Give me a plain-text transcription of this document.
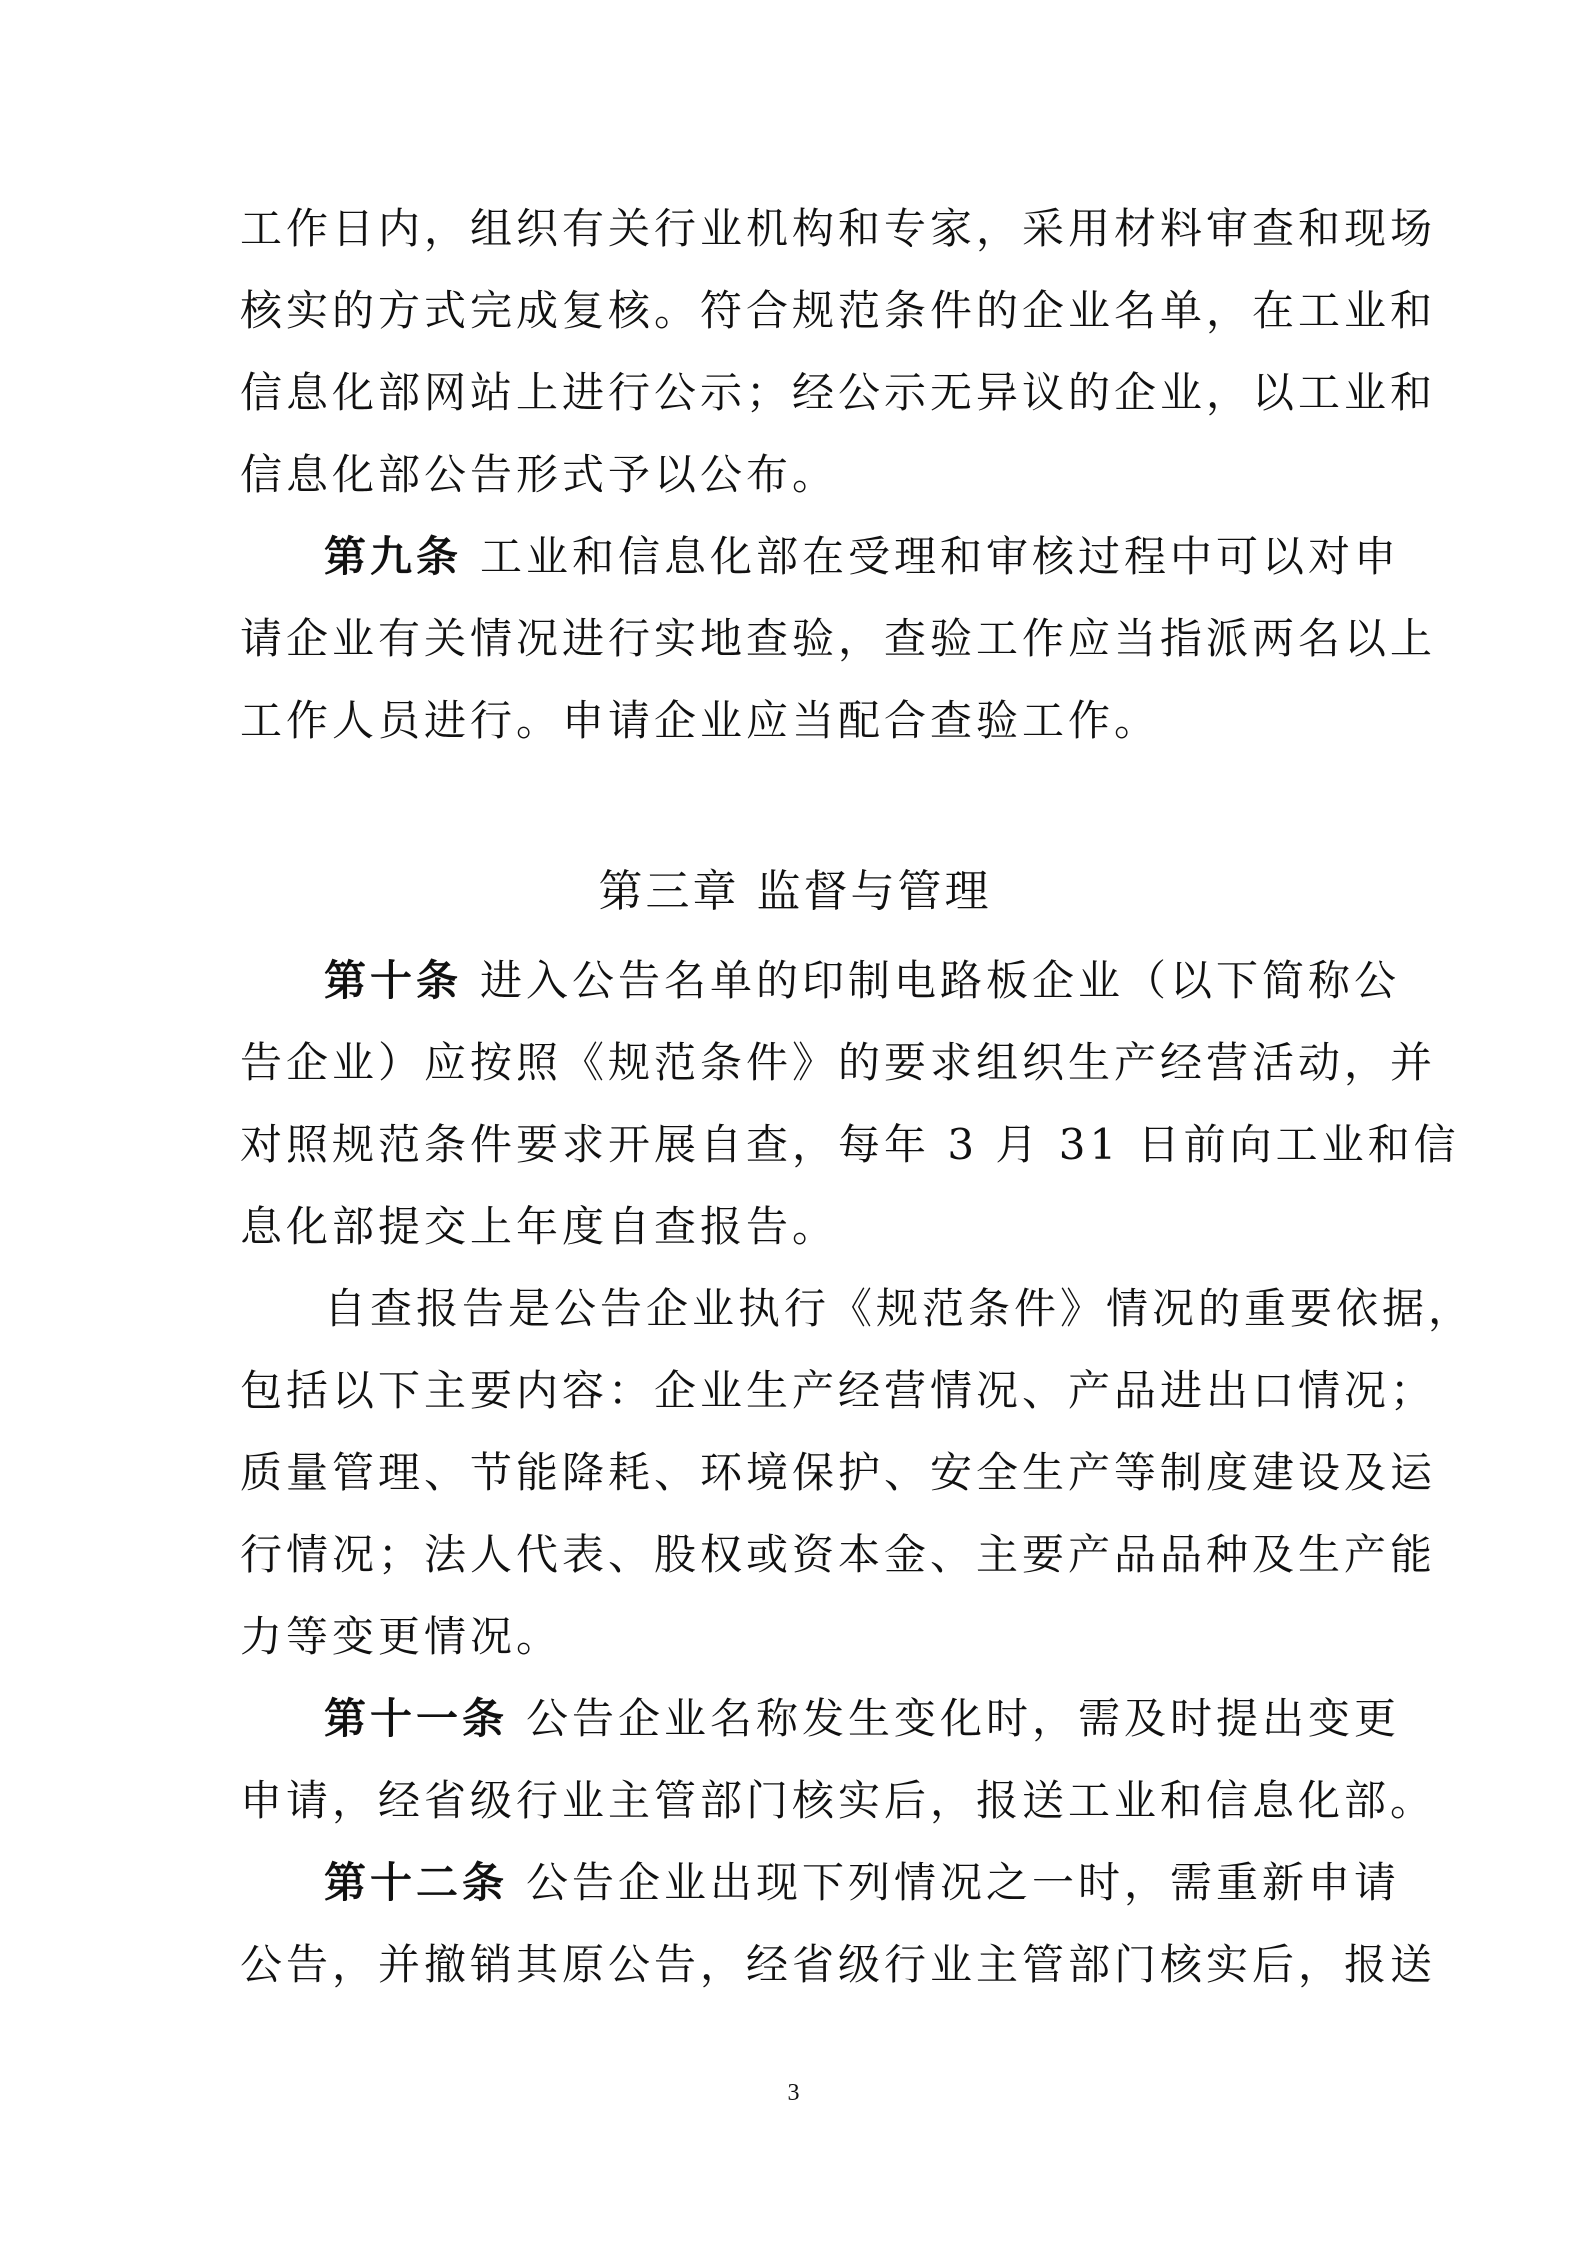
工作日内，组织有关行业机构和专家，采用材料审查和现场
核实的方式完成复核。符合规范条件的企业名单，在工业和
信息化部网站上进行公示；经公示无异议的企业，以工业和
信息化部公告形式予以公布。
第九条 工业和信息化部在受理和审核过程中可以对申
请企业有关情况进行实地查验，查验工作应当指派两名以上
工作人员进行。申请企业应当配合查验工作。
第三章 监督与管理
第十条 进入公告名单的印制电路板企业（以下简称公
告企业）应按照《规范条件》的要求组织生产经营活动，并
对照规范条件要求开展自查，每年 3 月 31 日前向工业和信
息化部提交上年度自查报告。
自查报告是公告企业执行《规范条件》情况的重要依据，
包括以下主要内容：企业生产经营情况、产品进出口情况；
质量管理、节能降耗、环境保护、安全生产等制度建设及运
行情况；法人代表、股权或资本金、主要产品品种及生产能
力等变更情况。
第十一条 公告企业名称发生变化时，需及时提出变更
申请，经省级行业主管部门核实后，报送工业和信息化部。
第十二条 公告企业出现下列情况之一时，需重新申请
公告，并撤销其原公告，经省级行业主管部门核实后，报送
3
